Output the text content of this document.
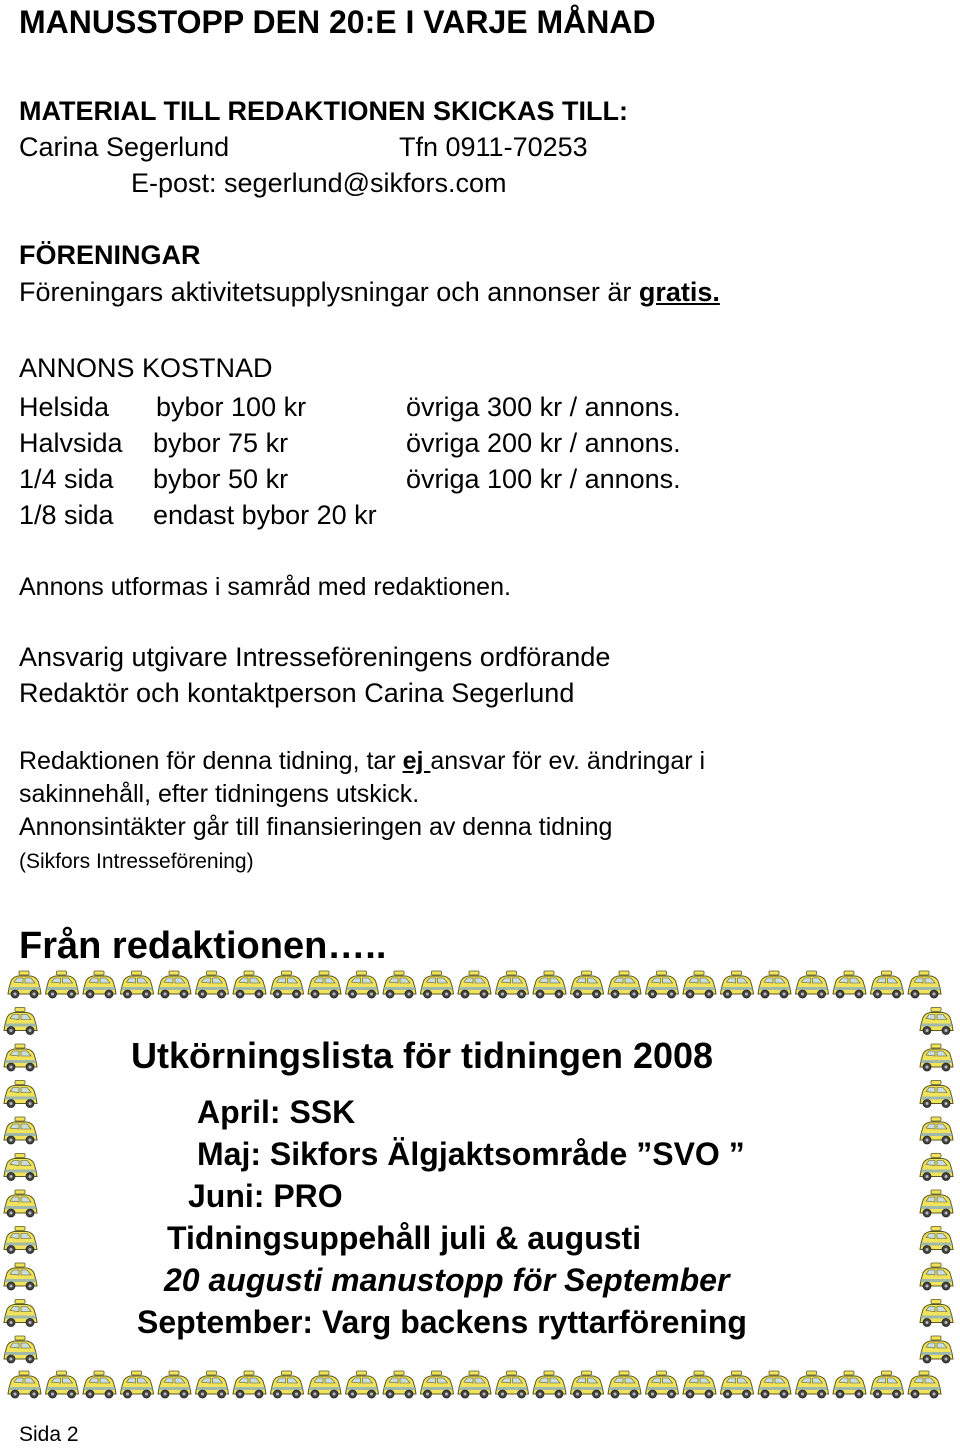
MANUSSTOPP DEN 20:E I VARJE MÅNAD
MATERIAL TILL REDAKTIONEN SKICKAS TILL:
Carina Segerlund	Tfn 0911-70253
E-post: segerlund@sikfors.com
FÖRENINGAR
Föreningars aktivitetsupplysningar och annonser är gratis.
ANNONS KOSTNAD
Helsida bybor 100 kr	övriga 300 kr / annons.
Halvsida bybor 75 kr	övriga 200 kr / annons.
1/4 sida bybor 50 kr	övriga 100 kr / annons.
1/8 sida endast bybor 20 kr
Annons utformas i samråd med redaktionen.
Ansvarig utgivare Intresseföreningens ordförande
Redaktör och kontaktperson Carina Segerlund
Redaktionen för denna tidning, tar ej ansvar för ev. ändringar i
sakinnehåll, efter tidningens utskick.
Annonsintäkter går till finansieringen av denna tidning
(Sikfors Intresseförening)
Från redaktionen…..
Utkörningslista för tidningen 2008
April: SSK
Maj: Sikfors Älgjaktsområde ”SVO ”
Juni: PRO
Tidningsuppehåll juli & augusti
20 augusti manustopp för September
September: Varg backens ryttarförening
Sida 2
